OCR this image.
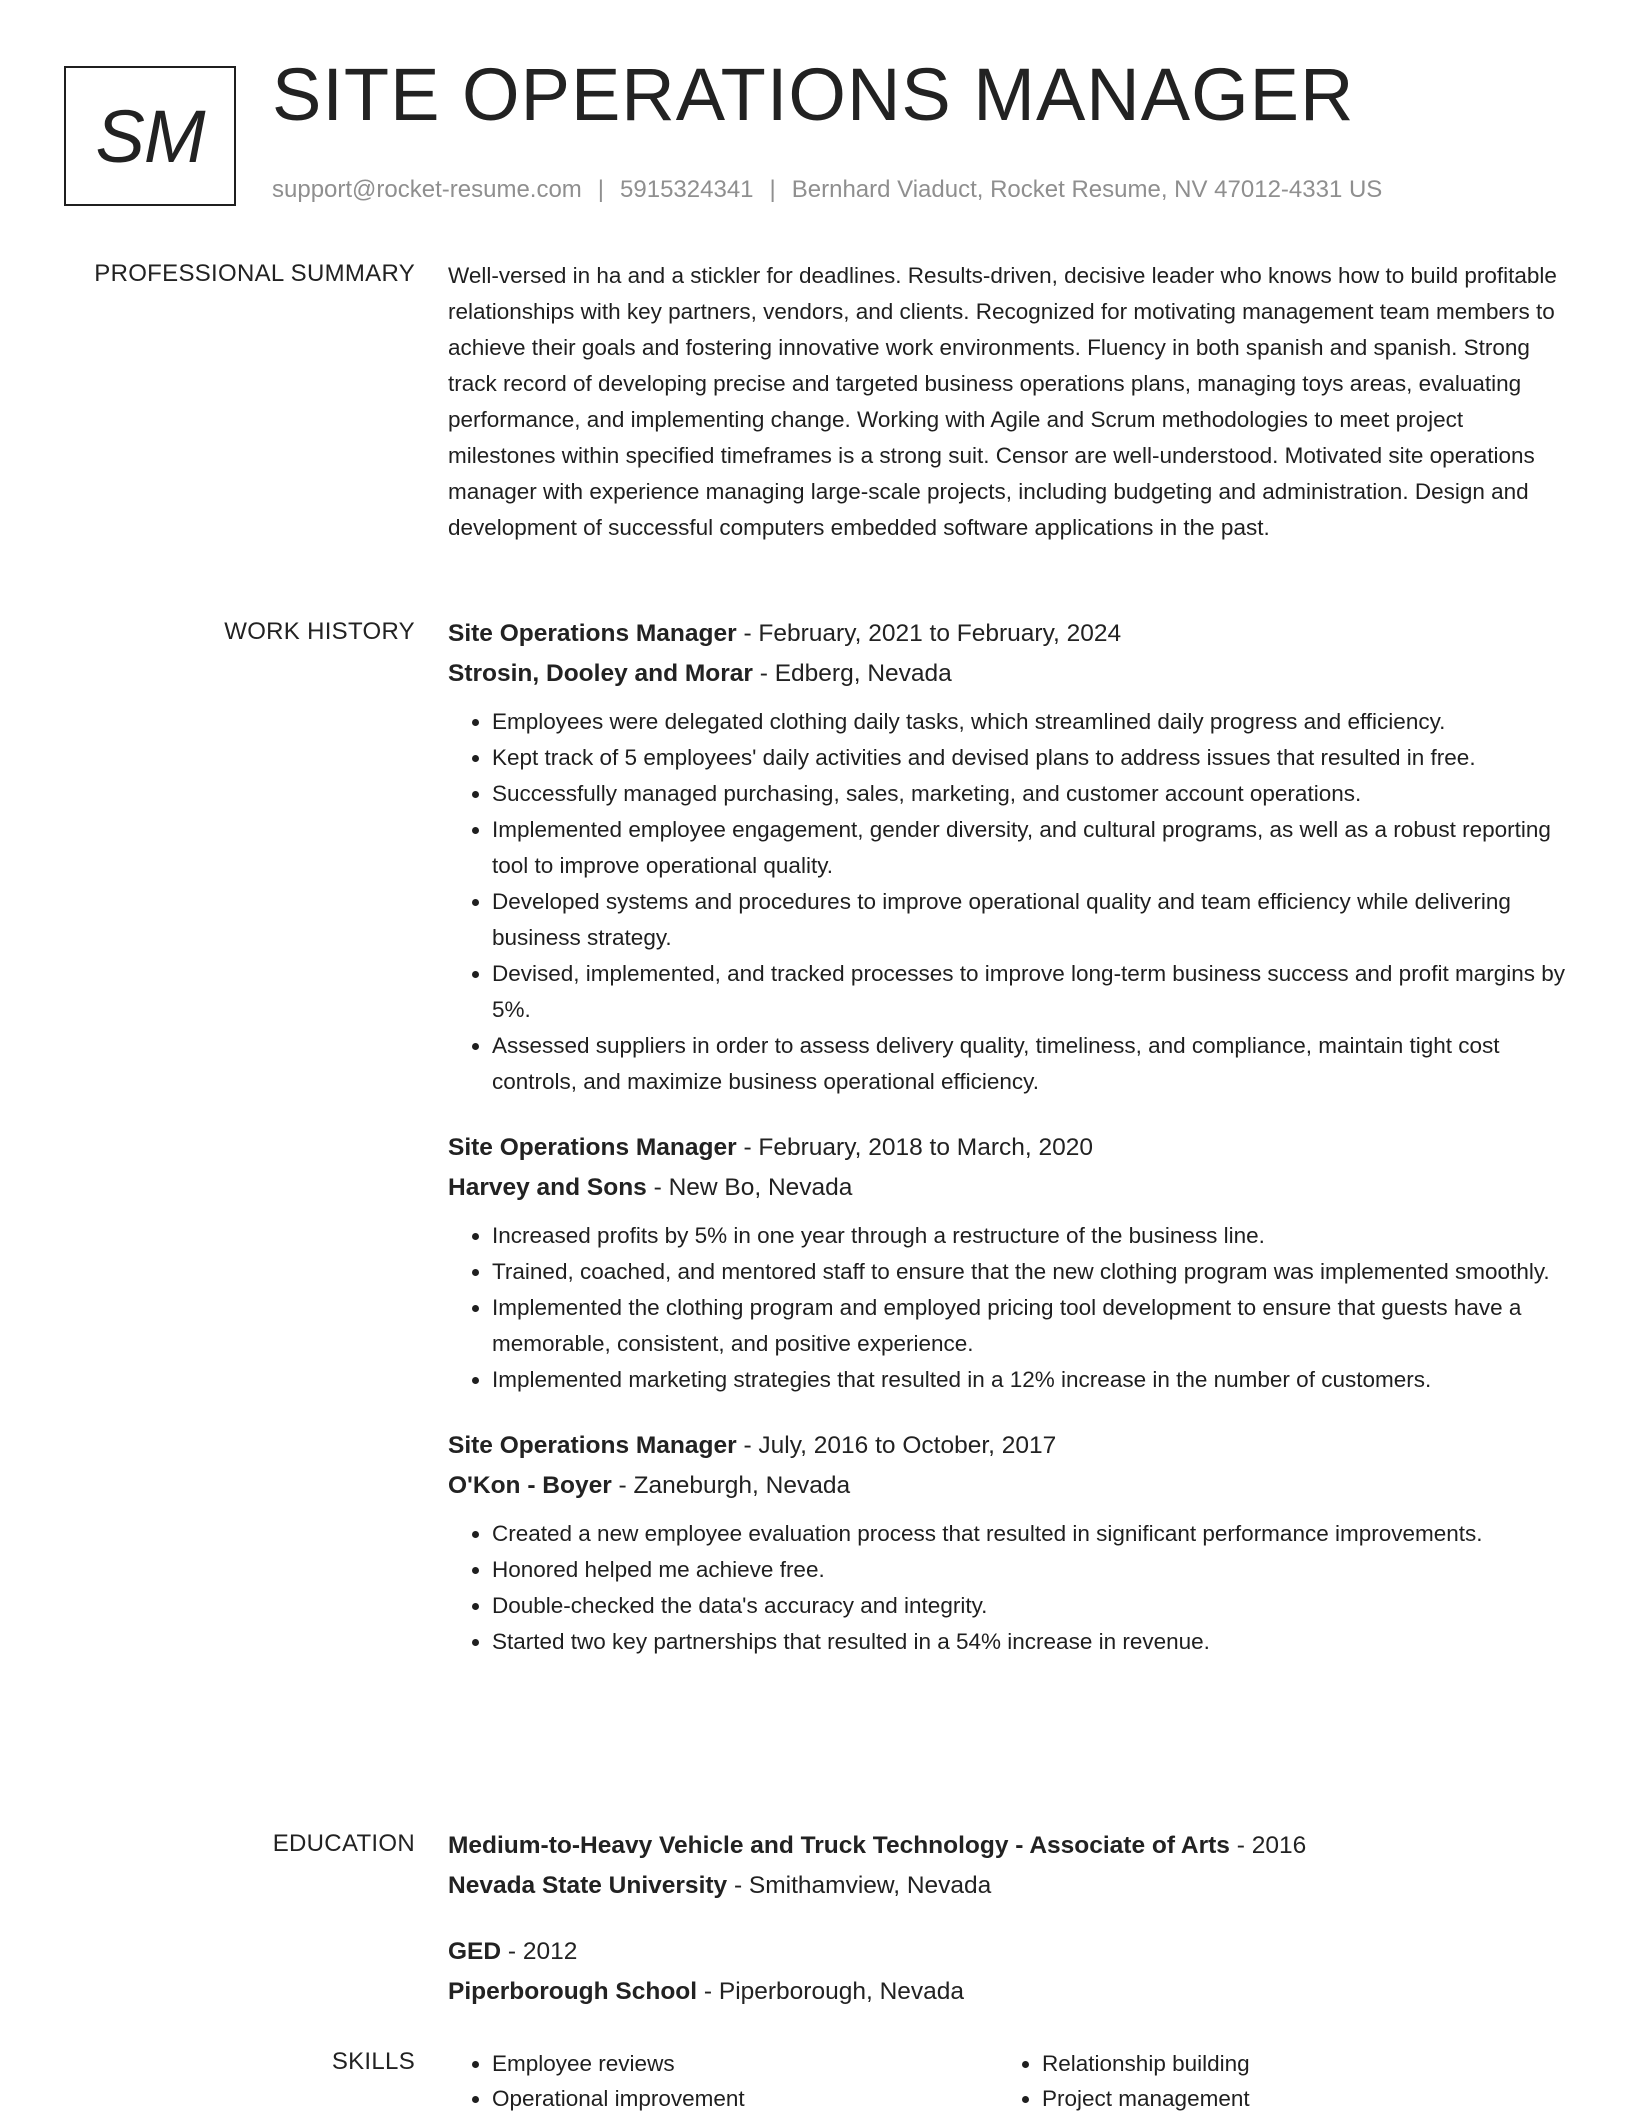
SM SITE OPERATIONS MANAGER
support@rocket-resume.com | 5915324341 | Bernhard Viaduct, Rocket Resume, NV 47012-4331 US
PROFESSIONAL SUMMARY Well-versed in ha and a stickler for deadlines. Results-driven, decisive leader who knows how to build profitable relationships with key partners, vendors, and clients. Recognized for motivating management team members to achieve their goals and fostering innovative work environments. Fluency in both spanish and spanish. Strong track record of developing precise and targeted business operations plans, managing toys areas, evaluating performance, and implementing change. Working with Agile and Scrum methodologies to meet project milestones within specified timeframes is a strong suit. Censor are well-understood. Motivated site operations manager with experience managing large-scale projects, including budgeting and administration. Design and development of successful computers embedded software applications in the past.

WORK HISTORY Site Operations Manager - February, 2021 to February, 2024

Strosin, Dooley and Morar - Edberg, Nevada

• Employees were delegated clothing daily tasks, which streamlined daily progress and efficiency.
• Kept track of 5 employees' daily activities and devised plans to address issues that resulted in free.
• Successfully managed purchasing, sales, marketing, and customer account operations.
• Implemented employee engagement, gender diversity, and cultural programs, as well as a robust reporting tool to improve operational quality.
• Developed systems and procedures to improve operational quality and team efficiency while delivering business strategy.
• Devised, implemented, and tracked processes to improve long-term business success and profit margins by 5%.
• Assessed suppliers in order to assess delivery quality, timeliness, and compliance, maintain tight cost controls, and maximize business operational efficiency.

Site Operations Manager - February, 2018 to March, 2020

Harvey and Sons - New Bo, Nevada

• Increased profits by 5% in one year through a restructure of the business line.
• Trained, coached, and mentored staff to ensure that the new clothing program was implemented smoothly.
• Implemented the clothing program and employed pricing tool development to ensure that guests have a memorable, consistent, and positive experience.
• Implemented marketing strategies that resulted in a 12% increase in the number of customers.

Site Operations Manager - July, 2016 to October, 2017

O'Kon - Boyer - Zaneburgh, Nevada

• Created a new employee evaluation process that resulted in significant performance improvements.
• Honored helped me achieve free.
• Double-checked the data's accuracy and integrity.
• Started two key partnerships that resulted in a 54% increase in revenue.
EDUCATION Medium-to-Heavy Vehicle and Truck Technology - Associate of Arts - 2016

Nevada State University - Smithamview, Nevada

GED - 2012

Piperborough School - Piperborough, Nevada

SKILLS
•	Employee reviews
• Operational improvement
• Relationship building
• Project management
